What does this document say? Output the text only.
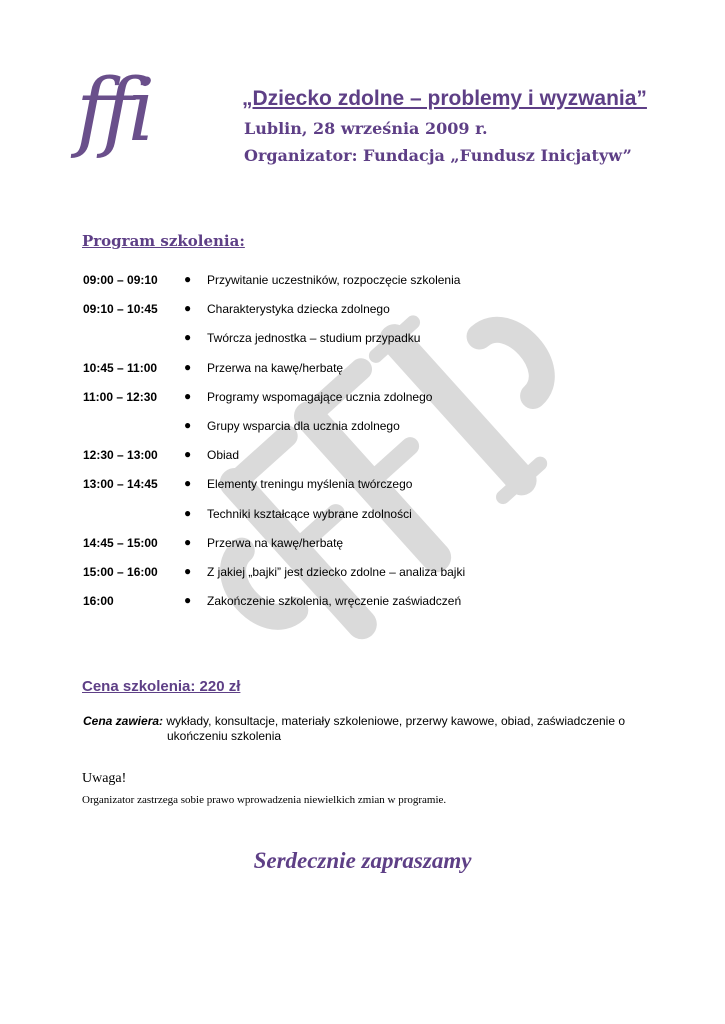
ffi	„Dziecko zdolne – problemy i wyzwania”
Lublin, 28 września 2009 r.
Organizator: Fundacja „Fundusz Inicjatyw”
Program szkolenia:
09:00 – 09:10 ● Przywitanie uczestników, rozpoczęcie szkolenia
09:10 – 10:45 ● Charakterystyka dziecka zdolnego
● Twórcza jednostka – studium przypadku
10:45 – 11:00 ● Przerwa na kawę/herbatę
11:00 – 12:30 ● Programy wspomagające ucznia zdolnego
● Grupy wsparcia dla ucznia zdolnego
12:30 – 13:00 ● Obiad
13:00 – 14:45 ● Elementy treningu myślenia twórczego
● Techniki kształcące wybrane zdolności
14:45 – 15:00 ● Przerwa na kawę/herbatę
15:00 – 16:00 ● Z jakiej „bajki” jest dziecko zdolne – analiza bajki
16:00	● Zakończenie szkolenia, wręczenie zaświadczeń
Cena szkolenia: 220 zł
Cena zawiera: wykłady, konsultacje, materiały szkoleniowe, przerwy kawowe, obiad, zaświadczenie o
ukończeniu szkolenia
Uwaga!
Organizator zastrzega sobie prawo wprowadzenia niewielkich zmian w programie.
Serdecznie zapraszamy
